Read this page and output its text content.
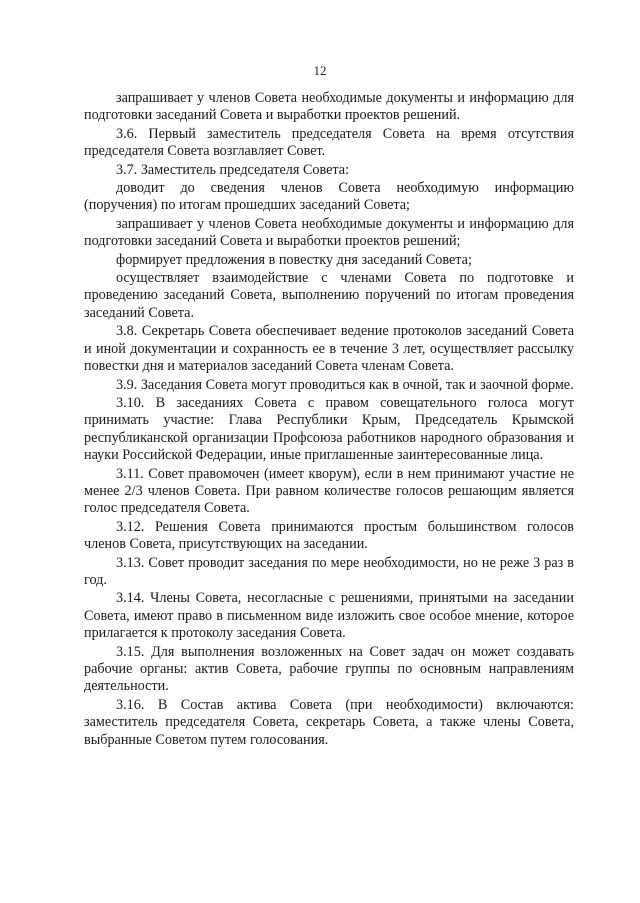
12

запрашивает у членов Совета необходимые документы и информацию для подготовки заседаний Совета и выработки проектов решений.

3.6. Первый заместитель председателя Совета на время отсутствия председателя Совета возглавляет Совет.

3.7. Заместитель председателя Совета:

доводит до сведения членов Совета необходимую информацию (поручения) по итогам прошедших заседаний Совета;

запрашивает у членов Совета необходимые документы и информацию для подготовки заседаний Совета и выработки проектов решений;

формирует предложения в повестку дня заседаний Совета;

осуществляет взаимодействие с членами Совета по подготовке и проведению заседаний Совета, выполнению поручений по итогам проведения заседаний Совета.

3.8. Секретарь Совета обеспечивает ведение протоколов заседаний Совета и иной документации и сохранность ее в течение 3 лет, осуществляет рассылку повестки дня и материалов заседаний Совета членам Совета.

3.9. Заседания Совета могут проводиться как в очной, так и заочной форме.

3.10. В заседаниях Совета с правом совещательного голоса могут принимать участие: Глава Республики Крым, Председатель Крымской республиканской организации Профсоюза работников народного образования и науки Российской Федерации, иные приглашенные заинтересованные лица.

3.11. Совет правомочен (имеет кворум), если в нем принимают участие не менее 2/3 членов Совета. При равном количестве голосов решающим является голос председателя Совета.

3.12. Решения Совета принимаются простым большинством голосов членов Совета, присутствующих на заседании.

3.13. Совет проводит заседания по мере необходимости, но не реже 3 раз в год.

3.14. Члены Совета, несогласные с решениями, принятыми на заседании Совета, имеют право в письменном виде изложить свое особое мнение, которое прилагается к протоколу заседания Совета.

3.15. Для выполнения возложенных на Совет задач он может создавать рабочие органы: актив Совета, рабочие группы по основным направлениям деятельности.

3.16. В Состав актива Совета (при необходимости) включаются: заместитель председателя Совета, секретарь Совета, а также члены Совета, выбранные Советом путем голосования.
